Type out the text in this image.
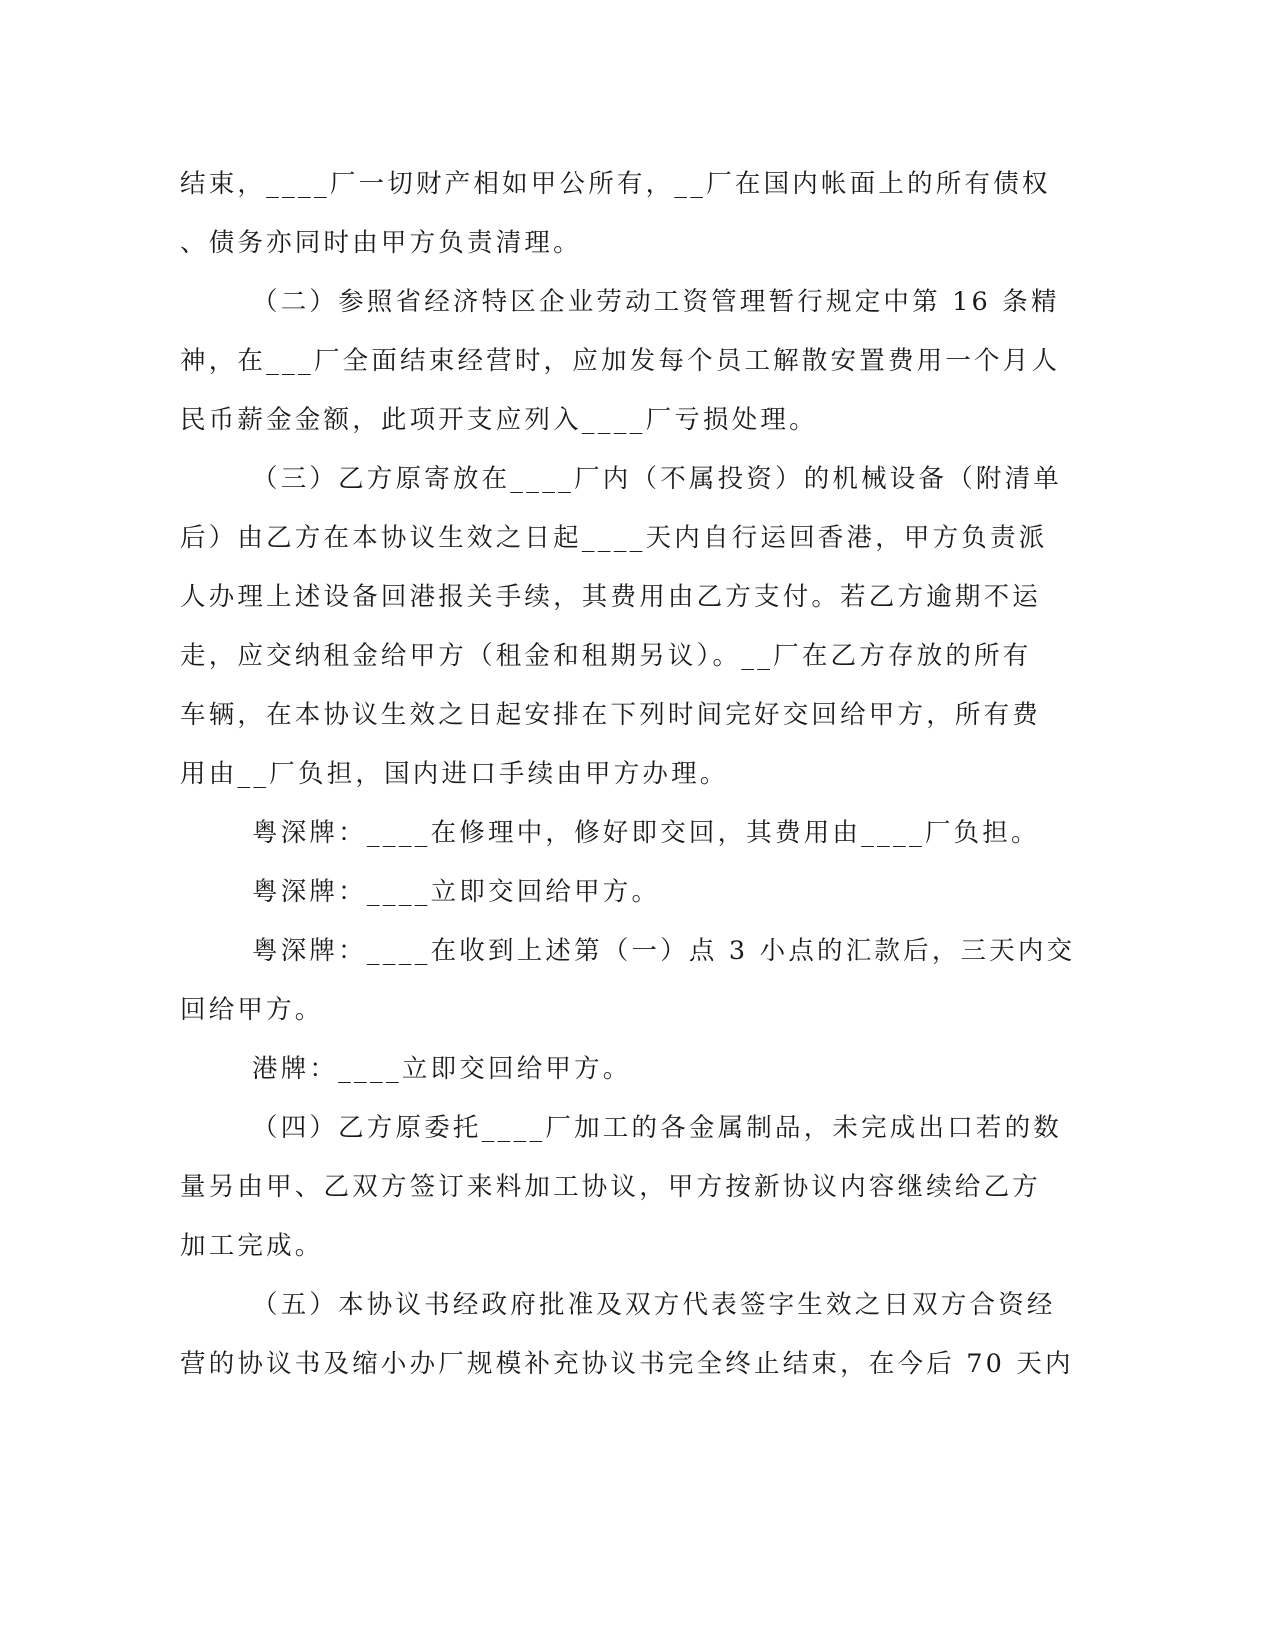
结束，____厂一切财产相如甲公所有，__厂在国内帐面上的所有债权
、债务亦同时由甲方负责清理。
（二）参照省经济特区企业劳动工资管理暂行规定中第 16 条精
神，在___厂全面结束经营时，应加发每个员工解散安置费用一个月人
民币薪金金额，此项开支应列入____厂亏损处理。
（三）乙方原寄放在____厂内（不属投资）的机械设备（附清单
后）由乙方在本协议生效之日起____天内自行运回香港，甲方负责派
人办理上述设备回港报关手续，其费用由乙方支付。若乙方逾期不运
走，应交纳租金给甲方（租金和租期另议）。__厂在乙方存放的所有
车辆，在本协议生效之日起安排在下列时间完好交回给甲方，所有费
用由__厂负担，国内进口手续由甲方办理。
粤深牌：____在修理中，修好即交回，其费用由____厂负担。
粤深牌：____立即交回给甲方。
粤深牌：____在收到上述第（一）点 3 小点的汇款后，三天内交
回给甲方。
港牌：____立即交回给甲方。
（四）乙方原委托____厂加工的各金属制品，未完成出口若的数
量另由甲、乙双方签订来料加工协议，甲方按新协议内容继续给乙方
加工完成。
（五）本协议书经政府批准及双方代表签字生效之日双方合资经
营的协议书及缩小办厂规模补充协议书完全终止结束，在今后 70 天内
